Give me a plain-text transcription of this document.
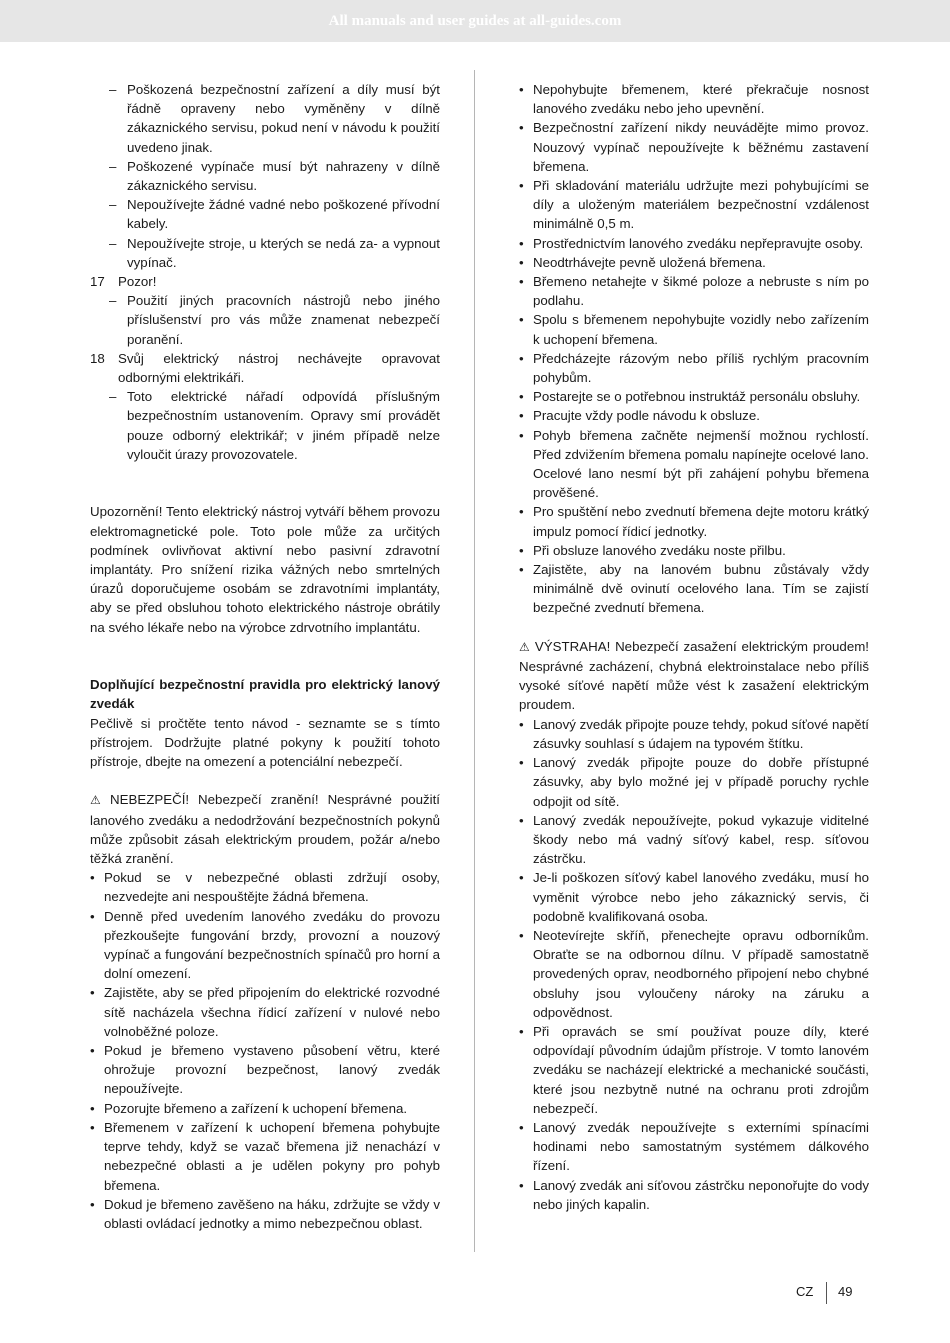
All manuals and user guides at all-guides.com
– Poškozená bezpečnostní zařízení a díly musí být řádně opraveny nebo vyměněny v dílně zákaznického servisu, pokud není v návodu k použití uvedeno jinak.
– Poškozené vypínače musí být nahrazeny v dílně zákaznického servisu.
– Nepoužívejte žádné vadné nebo poškozené přívodní kabely.
– Nepoužívejte stroje, u kterých se nedá za- a vypnout vypínač.
17 Pozor!
– Použití jiných pracovních nástrojů nebo jiného příslušenství pro vás může znamenat nebezpečí poranění.
18 Svůj elektrický nástroj nechávejte opravovat odbornými elektrikáři.
– Toto elektrické nářadí odpovídá příslušným bezpečnostním ustanovením. Opravy smí provádět pouze odborný elektrikář; v jiném případě nelze vyloučit úrazy provozovatele.

Upozornění! Tento elektrický nástroj vytváří během provozu elektromagnetické pole. Toto pole může za určitých podmínek ovlivňovat aktivní nebo pasivní zdravotní implantáty. Pro snížení rizika vážných nebo smrtelných úrazů doporučujeme osobám se zdravotními implantáty, aby se před obsluhou tohoto elektrického nástroje obrátily na svého lékaře nebo na výrobce zdrvotního implantátu.

Doplňující bezpečnostní pravidla pro elektrický lanový zvedák

Pečlivě si pročtěte tento návod - seznamte se s tímto přístrojem. Dodržujte platné pokyny k použití tohoto přístroje, dbejte na omezení a potenciální nebezpečí.

⚠ NEBEZPEČÍ! Nebezpečí zranění! Nesprávné použití lanového zvedáku a nedodržování bezpečnostních pokynů může způsobit zásah elektrickým proudem, požár a/nebo těžká zranění.

• Pokud se v nebezpečné oblasti zdržují osoby, nezvedejte ani nespouštějte žádná břemena.
• Denně před uvedením lanového zvedáku do provozu přezkoušejte fungování brzdy, provozní a nouzový vypínač a fungování bezpečnostních spínačů pro horní a dolní omezení.
• Zajistěte, aby se před připojením do elektrické rozvodné sítě nacházela všechna řídicí zařízení v nulové nebo volnoběžné poloze.
• Pokud je břemeno vystaveno působení větru, které ohrožuje provozní bezpečnost, lanový zvedák nepoužívejte.
• Pozorujte břemeno a zařízení k uchopení břemena.
• Břemenem v zařízení k uchopení břemena pohybujte teprve tehdy, když se vazač břemena již nenachází v nebezpečné oblasti a je udělen pokyny pro pohyb břemena.
• Dokud je břemeno zavěšeno na háku, zdržujte se vždy v oblasti ovládací jednotky a mimo nebezpečnou oblast.
• Nepohybujte břemenem, které překračuje nosnost lanového zvedáku nebo jeho upevnění.
• Bezpečnostní zařízení nikdy neuvádějte mimo provoz. Nouzový vypínač nepoužívejte k běžnému zastavení břemena.
• Při skladování materiálu udržujte mezi pohybujícími se díly a uloženým materiálem bezpečnostní vzdálenost minimálně 0,5 m.
• Prostřednictvím lanového zvedáku nepřepravujte osoby.
• Neodtrhávejte pevně uložená břemena.
• Břemeno netahejte v šikmé poloze a nebruste s ním po podlahu.
• Spolu s břemenem nepohybujte vozidly nebo zařízením k uchopení břemena.
• Předcházejte rázovým nebo příliš rychlým pracovním pohybům.
• Postarejte se o potřebnou instruktáž personálu obsluhy.
• Pracujte vždy podle návodu k obsluze.
• Pohyb břemena začněte nejmenší možnou rychlostí. Před zdvižením břemena pomalu napínejte ocelové lano. Ocelové lano nesmí být při zahájení pohybu břemena prověšené.
• Pro spuštění nebo zvednutí břemena dejte motoru krátký impulz pomocí řídicí jednotky.
• Při obsluze lanového zvedáku noste přilbu.
• Zajistěte, aby na lanovém bubnu zůstávaly vždy minimálně dvě ovinutí ocelového lana. Tím se zajistí bezpečné zvednutí břemena.

⚠ VÝSTRAHA! Nebezpečí zasažení elektrickým proudem! Nesprávné zacházení, chybná elektroinstalace nebo příliš vysoké síťové napětí může vést k zasažení elektrickým proudem.

• Lanový zvedák připojte pouze tehdy, pokud síťové napětí zásuvky souhlasí s údajem na typovém štítku.
• Lanový zvedák připojte pouze do dobře přístupné zásuvky, aby bylo možné jej v případě poruchy rychle odpojit od sítě.
• Lanový zvedák nepoužívejte, pokud vykazuje viditelné škody nebo má vadný síťový kabel, resp. síťovou zástrčku.
• Je-li poškozen síťový kabel lanového zvedáku, musí ho vyměnit výrobce nebo jeho zákaznický servis, či podobně kvalifikovaná osoba.
• Neotevírejte skříň, přenechejte opravu odborníkům. Obraťte se na odbornou dílnu. V případě samostatně provedených oprav, neodborného připojení nebo chybné obsluhy jsou vyloučeny nároky na záruku a odpovědnost.
• Při opravách se smí používat pouze díly, které odpovídají původním údajům přístroje. V tomto lanovém zvedáku se nacházejí elektrické a mechanické součásti, které jsou nezbytně nutné na ochranu proti zdrojům nebezpečí.
• Lanový zvedák nepoužívejte s externími spínacími hodinami nebo samostatným systémem dálkového řízení.
• Lanový zvedák ani síťovou zástrčku neponořujte do vody nebo jiných kapalin.
CZ 49
